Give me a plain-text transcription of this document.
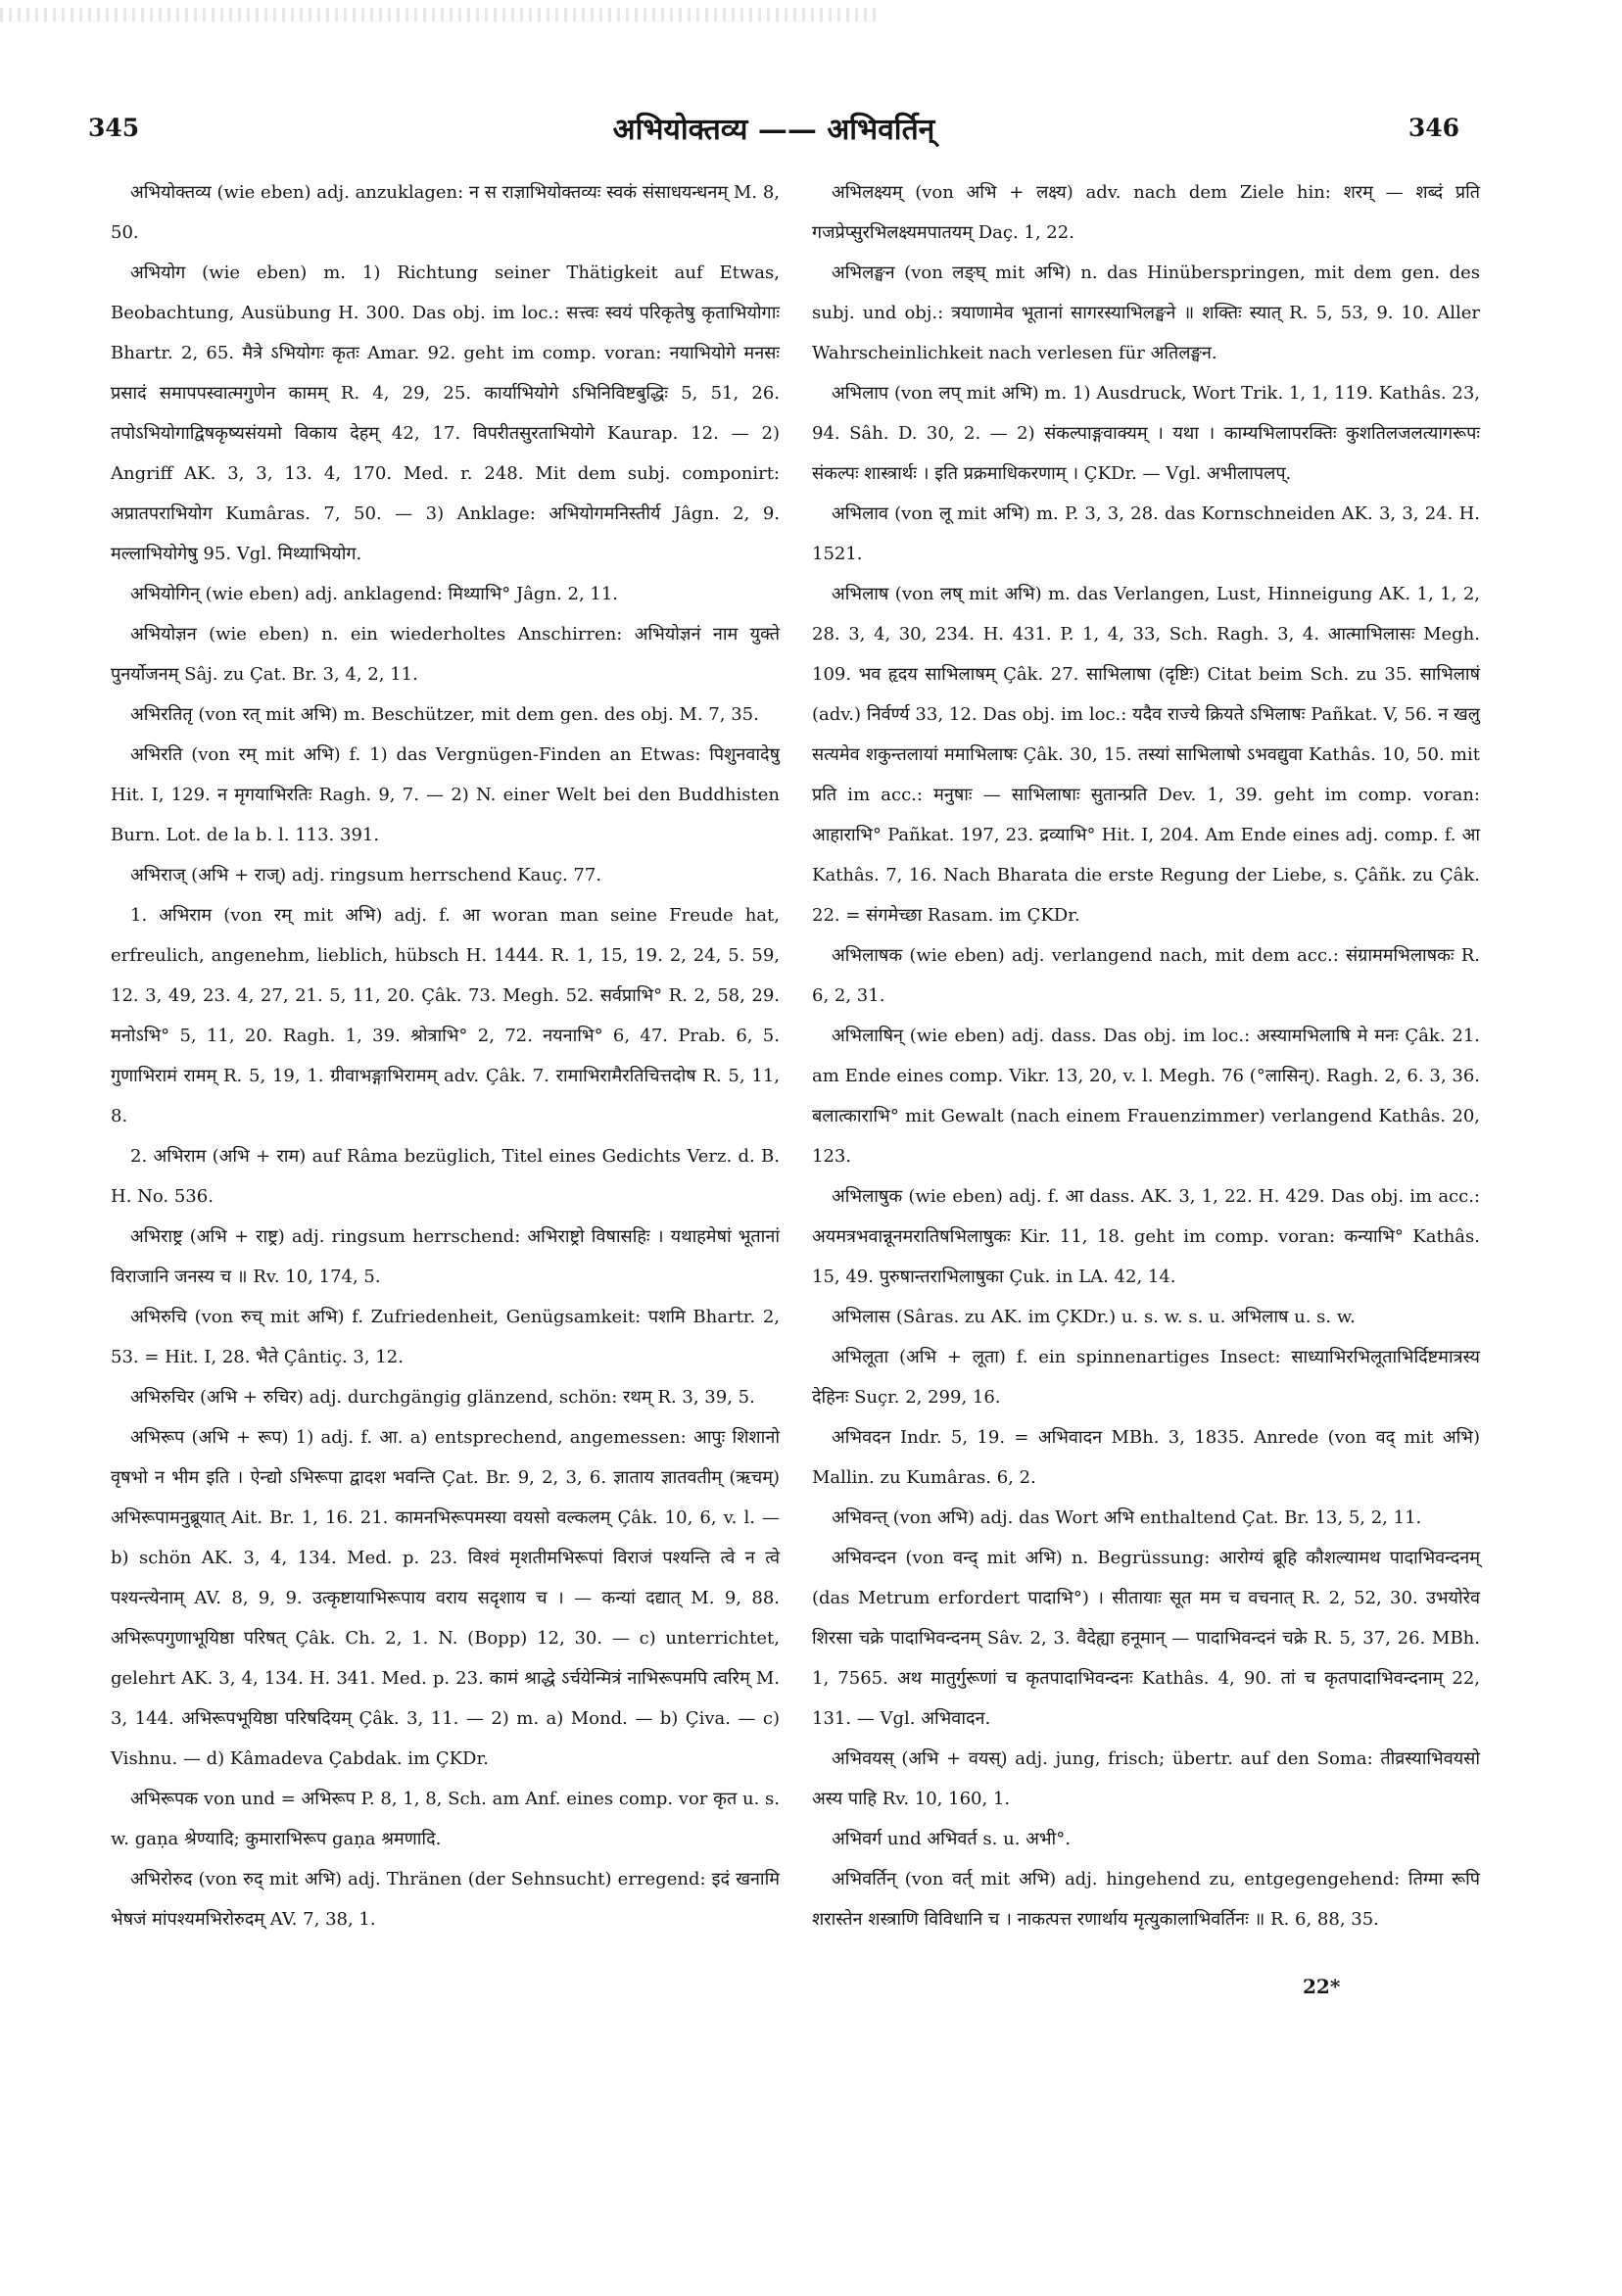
345	अभियोक्तव्य —— अभिवर्तिन्	346

अभियोक्तव्य (wie eben) adj. anzuklagen: न स राज्ञाभियोक्तव्यः स्वकं संसाधयन्धनम् M. 8, 50.

अभियोग (wie eben) m. 1) Richtung seiner Thätigkeit auf Etwas, Beobachtung, Ausübung H. 300. Das obj. im loc.: सत्त्वः स्वयं परिकृतेषु कृताभियोगाः Bhartr. 2, 65. मैत्रे ऽभियोगः कृतः Amar. 92. geht im comp. voran: नयाभियोगे मनसः प्रसादं समापपस्वात्मगुणेन कामम् R. 4, 29, 25. कार्याभियोगे ऽभिनिविष्टबुद्धिः 5, 51, 26. तपोऽभियोगाद्विषकृष्यसंयमो विकाय देहम् 42, 17. विपरीतसुरताभियोगे Kaurap. 12. — 2) Angriff AK. 3, 3, 13. 4, 170. Med. r. 248. Mit dem subj. componirt: अप्रातपराभियोग Kumâras. 7, 50. — 3) Anklage: अभियोगमनिस्तीर्य Jâgn. 2, 9. मल्लाभियोगेषु 95. Vgl. मिथ्याभियोग.

अभियोगिन् (wie eben) adj. anklagend: मिथ्याभि° Jâgn. 2, 11.

अभियोज्ञन (wie eben) n. ein wiederholtes Anschirren: अभियोज्ञनं नाम युक्ते पुनर्योजनम् Sâj. zu Çat. Br. 3, 4, 2, 11.

अभिरतितृ (von रत् mit अभि) m. Beschützer, mit dem gen. des obj. M. 7, 35.

अभिरति (von रम् mit अभि) f. 1) das Vergnügen-Finden an Etwas: पिशुनवादेषु Hit. I, 129. न मृगयाभिरतिः Ragh. 9, 7. — 2) N. einer Welt bei den Buddhisten Burn. Lot. de la b. l. 113. 391.

अभिराज् (अभि + राज्) adj. ringsum herrschend Kauç. 77.

1. अभिराम (von रम् mit अभि) adj. f. आ woran man seine Freude hat, erfreulich, angenehm, lieblich, hübsch H. 1444. R. 1, 15, 19. 2, 24, 5. 59, 12. 3, 49, 23. 4, 27, 21. 5, 11, 20. Çâk. 73. Megh. 52. सर्वप्राभि° R. 2, 58, 29. मनोऽभि° 5, 11, 20. Ragh. 1, 39. श्रोत्राभि° 2, 72. नयनाभि° 6, 47. Prab. 6, 5. गुणाभिरामं रामम् R. 5, 19, 1. ग्रीवाभङ्गाभिरामम् adv. Çâk. 7. रामाभिरामैरतिचित्तदोष R. 5, 11, 8.

2. अभिराम (अभि + राम) auf Râma bezüglich, Titel eines Gedichts Verz. d. B. H. No. 536.

अभिराष्ट्र (अभि + राष्ट्र) adj. ringsum herrschend: अभिराष्ट्रो विषासहिः । यथाहमेषां भूतानां विराजानि जनस्य च ॥ Rv. 10, 174, 5.

अभिरुचि (von रुच् mit अभि) f. Zufriedenheit, Genügsamkeit: पशमि Bhartr. 2, 53. = Hit. I, 28. भैते Çântiç. 3, 12.

अभिरुचिर (अभि + रुचिर) adj. durchgängig glänzend, schön: रथम् R. 3, 39, 5.

अभिरूप (अभि + रूप) 1) adj. f. आ. a) entsprechend, angemessen: आपुः शिशानो वृषभो न भीम इति । ऐन्द्यो ऽभिरूपा द्वादश भवन्ति Çat. Br. 9, 2, 3, 6. ज्ञाताय ज्ञातवतीम् (ऋचम्) अभिरूपामनुब्रूयात् Ait. Br. 1, 16. 21. कामनभिरूपमस्या वयसो वल्कलम् Çâk. 10, 6, v. l. — b) schön AK. 3, 4, 134. Med. p. 23. विश्वं मृशतीमभिरूपां विराजं पश्यन्ति त्वे न त्वे पश्यन्त्येनाम् AV. 8, 9, 9. उत्कृष्टायाभिरूपाय वराय सदृशाय च । — कन्यां दद्यात् M. 9, 88. अभिरूपगुणाभूयिष्ठा परिषत् Çâk. Ch. 2, 1. N. (Bopp) 12, 30. — c) unterrichtet, gelehrt AK. 3, 4, 134. H. 341. Med. p. 23. कामं श्राद्धे ऽर्चयेन्मित्रं नाभिरूपमपि त्वरिम् M. 3, 144. अभिरूपभूयिष्ठा परिषदियम् Çâk. 3, 11. — 2) m. a) Mond. — b) Çiva. — c) Vishnu. — d) Kâmadeva Çabdak. im ÇKDr.

अभिरूपक von und = अभिरूप P. 8, 1, 8, Sch. am Anf. eines comp. vor कृत u. s. w. gaṇa श्रेण्यादि; कुमाराभिरूप gaṇa श्रमणादि.

अभिरोरुद (von रुद् mit अभि) adj. Thränen (der Sehnsucht) erregend: इदं खनामि भेषजं मांपश्यमभिरोरुदम् AV. 7, 38, 1.

अभिलक्ष्यम् (von अभि + लक्ष्य) adv. nach dem Ziele hin: शरम् — शब्दं प्रति गजप्रेप्सुरभिलक्ष्यमपातयम् Daç. 1, 22.

अभिलङ्घन (von लङ्घ् mit अभि) n. das Hinüberspringen, mit dem gen. des subj. und obj.: त्रयाणामेव भूतानां सागरस्याभिलङ्घने ॥ शक्तिः स्यात् R. 5, 53, 9. 10. Aller Wahrscheinlichkeit nach verlesen für अतिलङ्घन.

अभिलाप (von लप् mit अभि) m. 1) Ausdruck, Wort Trik. 1, 1, 119. Kathâs. 23, 94. Sâh. D. 30, 2. — 2) संकल्पाङ्गवाक्यम् । यथा । काम्यभिलापरक्तिः कुशतिलजलत्यागरूपः संकल्पः शास्त्रार्थः । इति प्रक्रमाधिकरणाम् । ÇKDr. — Vgl. अभीलापलप्.

अभिलाव (von लू mit अभि) m. P. 3, 3, 28. das Kornschneiden AK. 3, 3, 24. H. 1521.

अभिलाष (von लष् mit अभि) m. das Verlangen, Lust, Hinneigung AK. 1, 1, 2, 28. 3, 4, 30, 234. H. 431. P. 1, 4, 33, Sch. Ragh. 3, 4. आत्माभिलासः Megh. 109. भव हृदय साभिलाषम् Çâk. 27. साभिलाषा (दृष्टिः) Citat beim Sch. zu 35. साभिलाषं (adv.) निर्वर्ण्य 33, 12. Das obj. im loc.: यदैव राज्ये क्रियते ऽभिलाषः Pañkat. V, 56. न खलु सत्यमेव शकुन्तलायां ममाभिलाषः Çâk. 30, 15. तस्यां साभिलाषो ऽभवद्युवा Kathâs. 10, 50. mit प्रति im acc.: मनुषाः — साभिलाषाः सुतान्प्रति Dev. 1, 39. geht im comp. voran: आहाराभि° Pañkat. 197, 23. द्रव्याभि° Hit. I, 204. Am Ende eines adj. comp. f. आ Kathâs. 7, 16. Nach Bharata die erste Regung der Liebe, s. Çâñk. zu Çâk. 22. = संगमेच्छा Rasam. im ÇKDr.

अभिलाषक (wie eben) adj. verlangend nach, mit dem acc.: संग्राममभिलाषकः R. 6, 2, 31.

अभिलाषिन् (wie eben) adj. dass. Das obj. im loc.: अस्यामभिलाषि मे मनः Çâk. 21. am Ende eines comp. Vikr. 13, 20, v. l. Megh. 76 (°लासिन्). Ragh. 2, 6. 3, 36. बलात्काराभि° mit Gewalt (nach einem Frauenzimmer) verlangend Kathâs. 20, 123.

अभिलाषुक (wie eben) adj. f. आ dass. AK. 3, 1, 22. H. 429. Das obj. im acc.: अयमत्रभवान्नूनमरातिषभिलाषुकः Kir. 11, 18. geht im comp. voran: कन्याभि° Kathâs. 15, 49. पुरुषान्तराभिलाषुका Çuk. in LA. 42, 14.

अभिलास (Sâras. zu AK. im ÇKDr.) u. s. w. s. u. अभिलाष u. s. w.

अभिलूता (अभि + लूता) f. ein spinnenartiges Insect: साध्याभिरभिलूताभिर्दिष्टमात्रस्य देहिनः Suçr. 2, 299, 16.

अभिवदन Indr. 5, 19. = अभिवादन MBh. 3, 1835. Anrede (von वद् mit अभि) Mallin. zu Kumâras. 6, 2.

अभिवन्त् (von अभि) adj. das Wort अभि enthaltend Çat. Br. 13, 5, 2, 11.

अभिवन्दन (von वन्द् mit अभि) n. Begrüssung: आरोग्यं ब्रूहि कौशल्यामथ पादाभिवन्दनम् (das Metrum erfordert पादाभि°) । सीतायाः सूत मम च वचनात् R. 2, 52, 30. उभयोरेव शिरसा चक्रे पादाभिवन्दनम् Sâv. 2, 3. वैदेह्या हनूमान् — पादाभिवन्दनं चक्रे R. 5, 37, 26. MBh. 1, 7565. अथ मातुर्गुरूणां च कृतपादाभिवन्दनः Kathâs. 4, 90. तां च कृतपादाभिवन्दनाम् 22, 131. — Vgl. अभिवादन.

अभिवयस् (अभि + वयस्) adj. jung, frisch; übertr. auf den Soma: तीव्रस्याभिवयसो अस्य पाहि Rv. 10, 160, 1.

अभिवर्ग und अभिवर्त s. u. अभी°.

अभिवर्तिन् (von वर्त् mit अभि) adj. hingehend zu, entgegengehend: तिग्मा रूपि शरास्तेन शस्त्राणि विविधानि च । नाकत्पत्त रणार्थाय मृत्युकालाभिवर्तिनः ॥ R. 6, 88, 35.

22*
